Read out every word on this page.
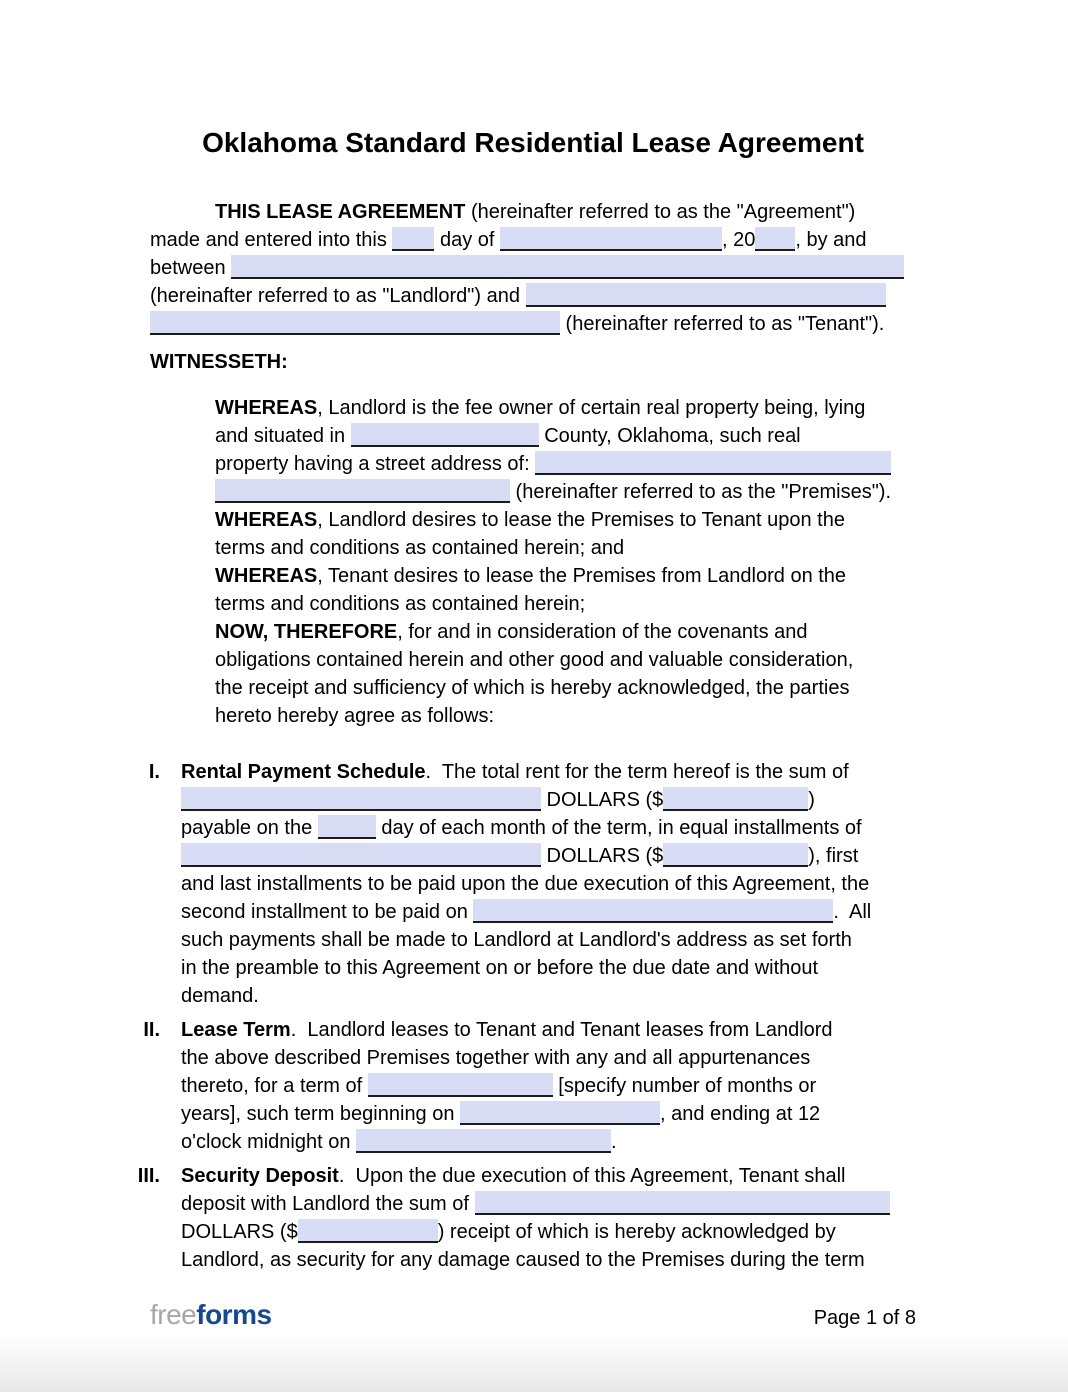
Oklahoma Standard Residential Lease Agreement
THIS LEASE AGREEMENT (hereinafter referred to as the "Agreement")
made and entered into this  day of	, 20 , by and
between
(hereinafter referred to as "Landlord") and
(hereinafter referred to as "Tenant").
WITNESSETH:
WHEREAS, Landlord is the fee owner of certain real property being, lying
and situated in	County, Oklahoma, such real
property having a street address of:
(hereinafter referred to as the "Premises").
WHEREAS, Landlord desires to lease the Premises to Tenant upon the
terms and conditions as contained herein; and
WHEREAS, Tenant desires to lease the Premises from Landlord on the
terms and conditions as contained herein;
NOW, THEREFORE, for and in consideration of the covenants and
obligations contained herein and other good and valuable consideration,
the receipt and sufficiency of which is hereby acknowledged, the parties
hereto hereby agree as follows:
I. Rental Payment Schedule.  The total rent for the term hereof is the sum of
DOLLARS ($	)
payable on the	day of each month of the term, in equal installments of
DOLLARS ($	), first
and last installments to be paid upon the due execution of this Agreement, the
second installment to be paid on	.  All
such payments shall be made to Landlord at Landlord's address as set forth
in the preamble to this Agreement on or before the due date and without
demand.
II. Lease Term.  Landlord leases to Tenant and Tenant leases from Landlord
the above described Premises together with any and all appurtenances
thereto, for a term of	[specify number of months or
years], such term beginning on	, and ending at 12
o'clock midnight on	.
III. Security Deposit.  Upon the due execution of this Agreement, Tenant shall
deposit with Landlord the sum of
DOLLARS ($	) receipt of which is hereby acknowledged by
Landlord, as security for any damage caused to the Premises during the term
freeforms	Page 1 of 8
